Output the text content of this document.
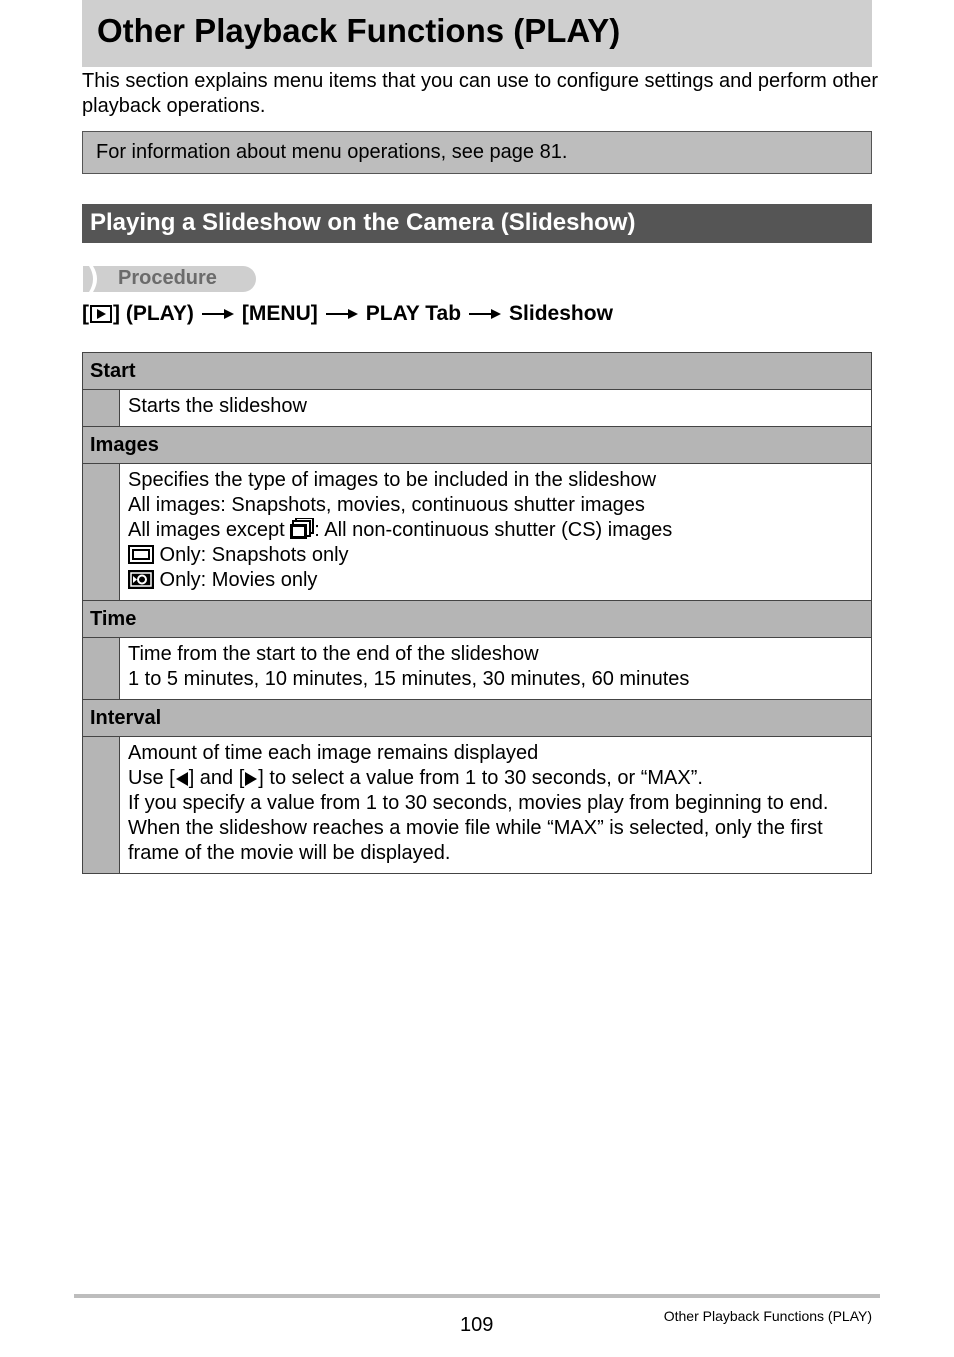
Other Playback Functions (PLAY)

This section explains menu items that you can use to configure settings and perform other playback operations.

For information about menu operations, see page 81.
Playing a Slideshow on the Camera (Slideshow)
Procedure
[ ] (PLAY) [MENU] PLAY Tab Slideshow
Start	

	Starts the slideshow

Images	

	Specifies the type of images to be included in the slideshow
All images: Snapshots, movies, continuous shutter images
All images except : All non-continuous shutter (CS) images
Only: Snapshots only
Only: Movies only

Time	

	Time from the start to the end of the slideshow
1 to 5 minutes, 10 minutes, 15 minutes, 30 minutes, 60 minutes

Interval	

	Amount of time each image remains displayed
Use [ ] and [ ] to select a value from 1 to 30 seconds, or “MAX”.
If you specify a value from 1 to 30 seconds, movies play from beginning to end.
When the slideshow reaches a movie file while “MAX” is selected, only the first
frame of the movie will be displayed.
109	Other Playback Functions (PLAY)
